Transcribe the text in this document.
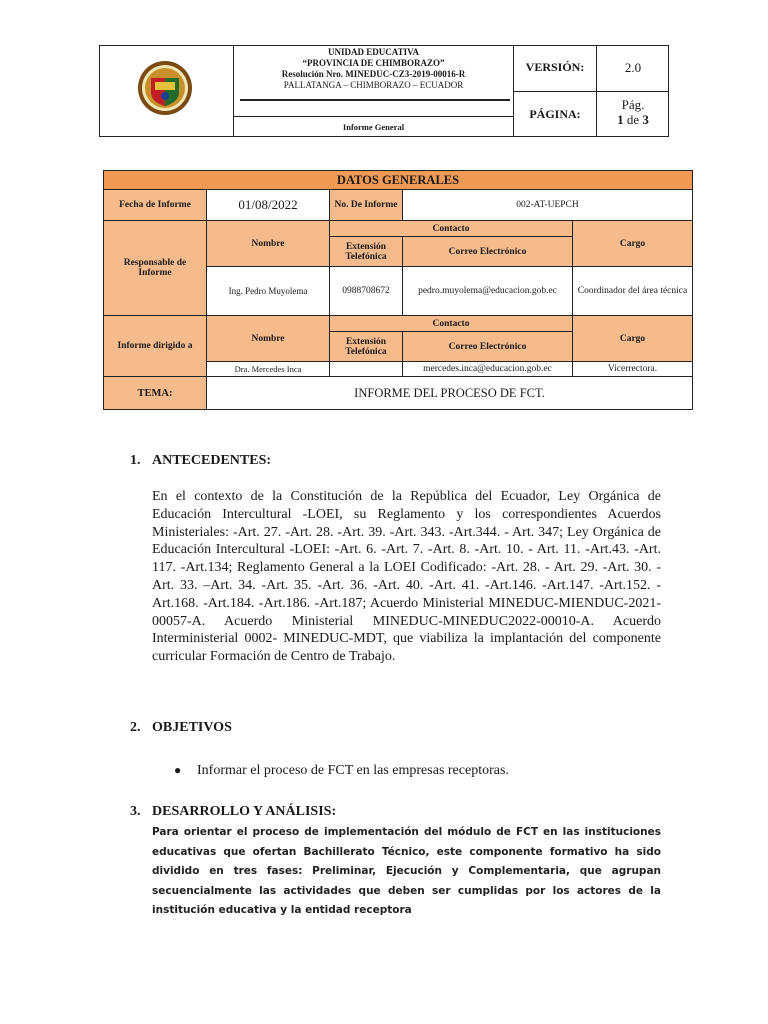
UNIDAD EDUCATIVA
“PROVINCIA DE CHIMBORAZO”
Resolución Nro. MINEDUC-CZ3-2019-00016-R
PALLATANGA – CHIMBORAZO – ECUADOR
Informe General
VERSIÓN:	2.0
PÁGINA:
Pág.
1 de 3
DATOS GENERALES				
Fecha de Informe	01/08/2022	No. De Informe	002-AT-UEPCH	
Responsable de Informe	Nombre	Contacto		Cargo
		Extensión Telefónica	Correo Electrónico	
	Ing. Pedro Muyolema	0988708672	pedro.muyolema@educacion.gob.ec	Coordinador del área técnica
Informe dirigido a	Nombre	Contacto		Cargo
		Extensión Telefónica	Correo Electrónico	
	Dra. Mercedes Inca		mercedes.inca@educacion.gob.ec	Vicerrectora.
TEMA:	INFORME DEL PROCESO DE FCT.			
1. ANTECEDENTES:
En el contexto de la Constitución de la República del Ecuador, Ley Orgánica de Educación Intercultural -LOEI, su Reglamento y los correspondientes Acuerdos Ministeriales: -Art. 27. -Art. 28. -Art. 39. -Art. 343. -Art.344. - Art. 347; Ley Orgánica de Educación Intercultural -LOEI: -Art. 6. -Art. 7. -Art. 8. -Art. 10. - Art. 11. -Art.43. -Art. 117. -Art.134; Reglamento General a la LOEI Codificado: -Art. 28. - Art. 29. -Art. 30. - Art. 33. –Art. 34. -Art. 35. -Art. 36. -Art. 40. -Art. 41. -Art.146. -Art.147. -Art.152. -Art.168. -Art.184. -Art.186. -Art.187; Acuerdo Ministerial MINEDUC-MIENDUC-2021-00057-A. Acuerdo Ministerial MINEDUC-MINEDUC2022-00010-A. Acuerdo Interministerial 0002- MINEDUC-MDT, que viabiliza la implantación del componente curricular Formación de Centro de Trabajo.
2. OBJETIVOS
● Informar el proceso de FCT en las empresas receptoras.
3. DESARROLLO Y ANÁLISIS:
Para orientar el proceso de implementación del módulo de FCT en las instituciones educativas que ofertan Bachillerato Técnico, este componente formativo ha sido dividido en tres fases: Preliminar, Ejecución y Complementaria, que agrupan secuencialmente las actividades que deben ser cumplidas por los actores de la institución educativa y la entidad receptora
